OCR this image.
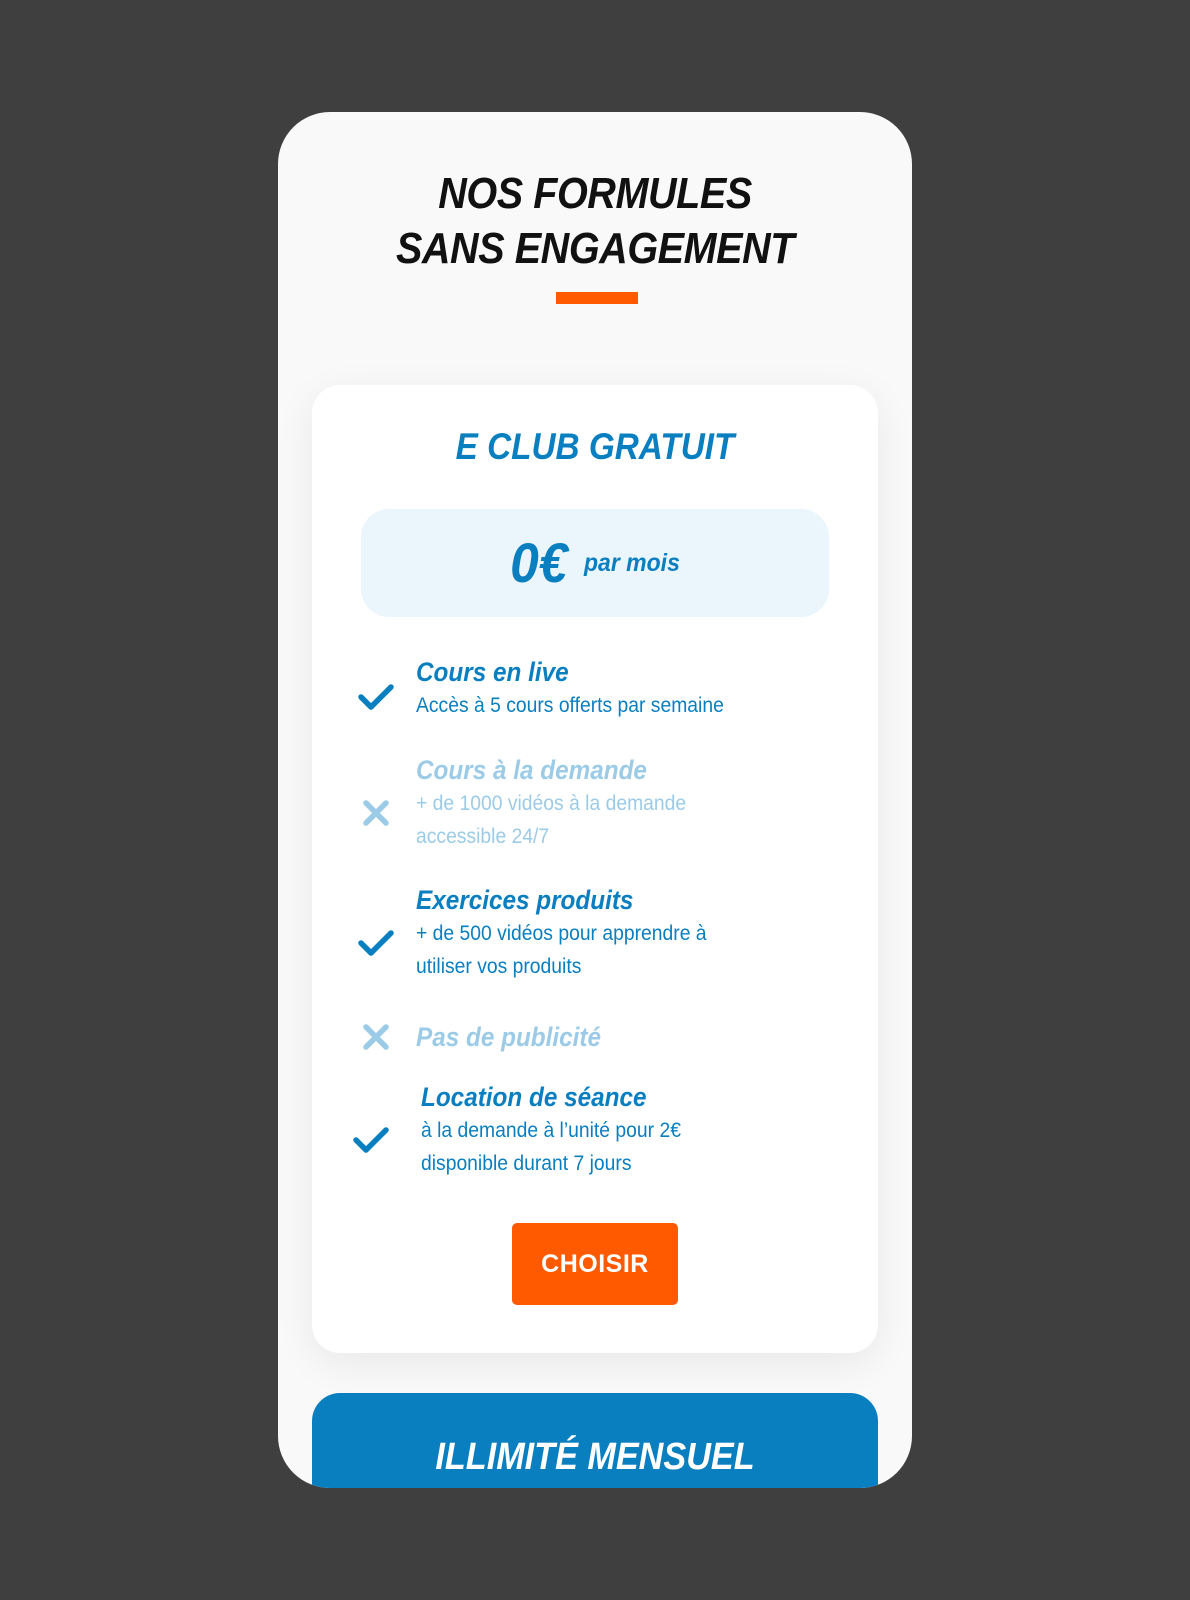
NOS FORMULES
SANS ENGAGEMENT
E CLUB GRATUIT
0€ par mois
Cours en live
Accès à 5 cours offerts par semaine
Cours à la demande
+ de 1000 vidéos à la demande
accessible 24/7
Exercices produits
+ de 500 vidéos pour apprendre à
utiliser vos produits
Pas de publicité
Location de séance
à la demande à l’unité pour 2€
disponible durant 7 jours
CHOISIR
ILLIMITÉ MENSUEL
